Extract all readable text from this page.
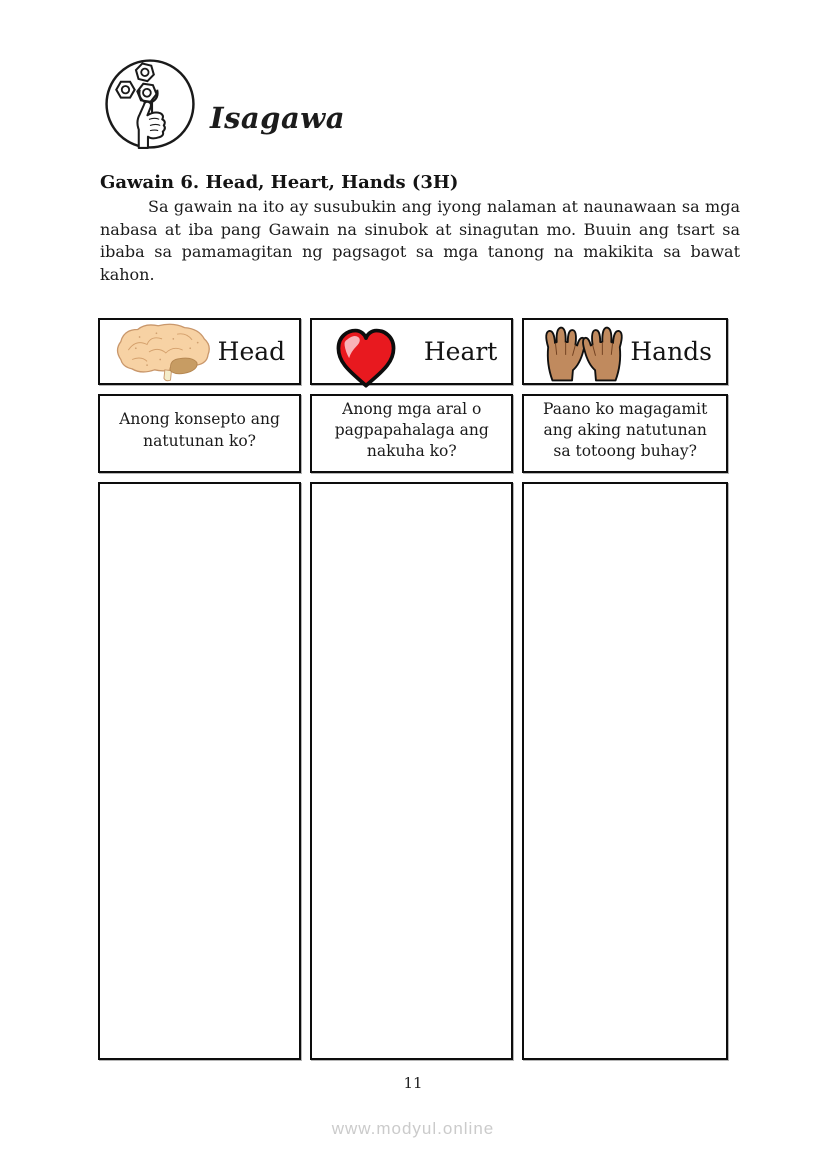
Isagawa
Gawain 6. Head, Heart, Hands (3H)

Sa gawain na ito ay susubukin ang iyong nalaman at naunawaan sa mga nabasa at iba pang Gawain na sinubok at sinagutan mo. Buuin ang tsart sa ibaba sa pamamagitan ng pagsagot sa mga tanong na makikita sa bawat kahon.

Head	Heart	Hands
Anong konsepto ang natutunan ko?
Anong mga aral o pagpapahalaga ang nakuha ko?
Paano ko magagamit ang aking natutunan sa totoong buhay?
11
www.modyul.online
